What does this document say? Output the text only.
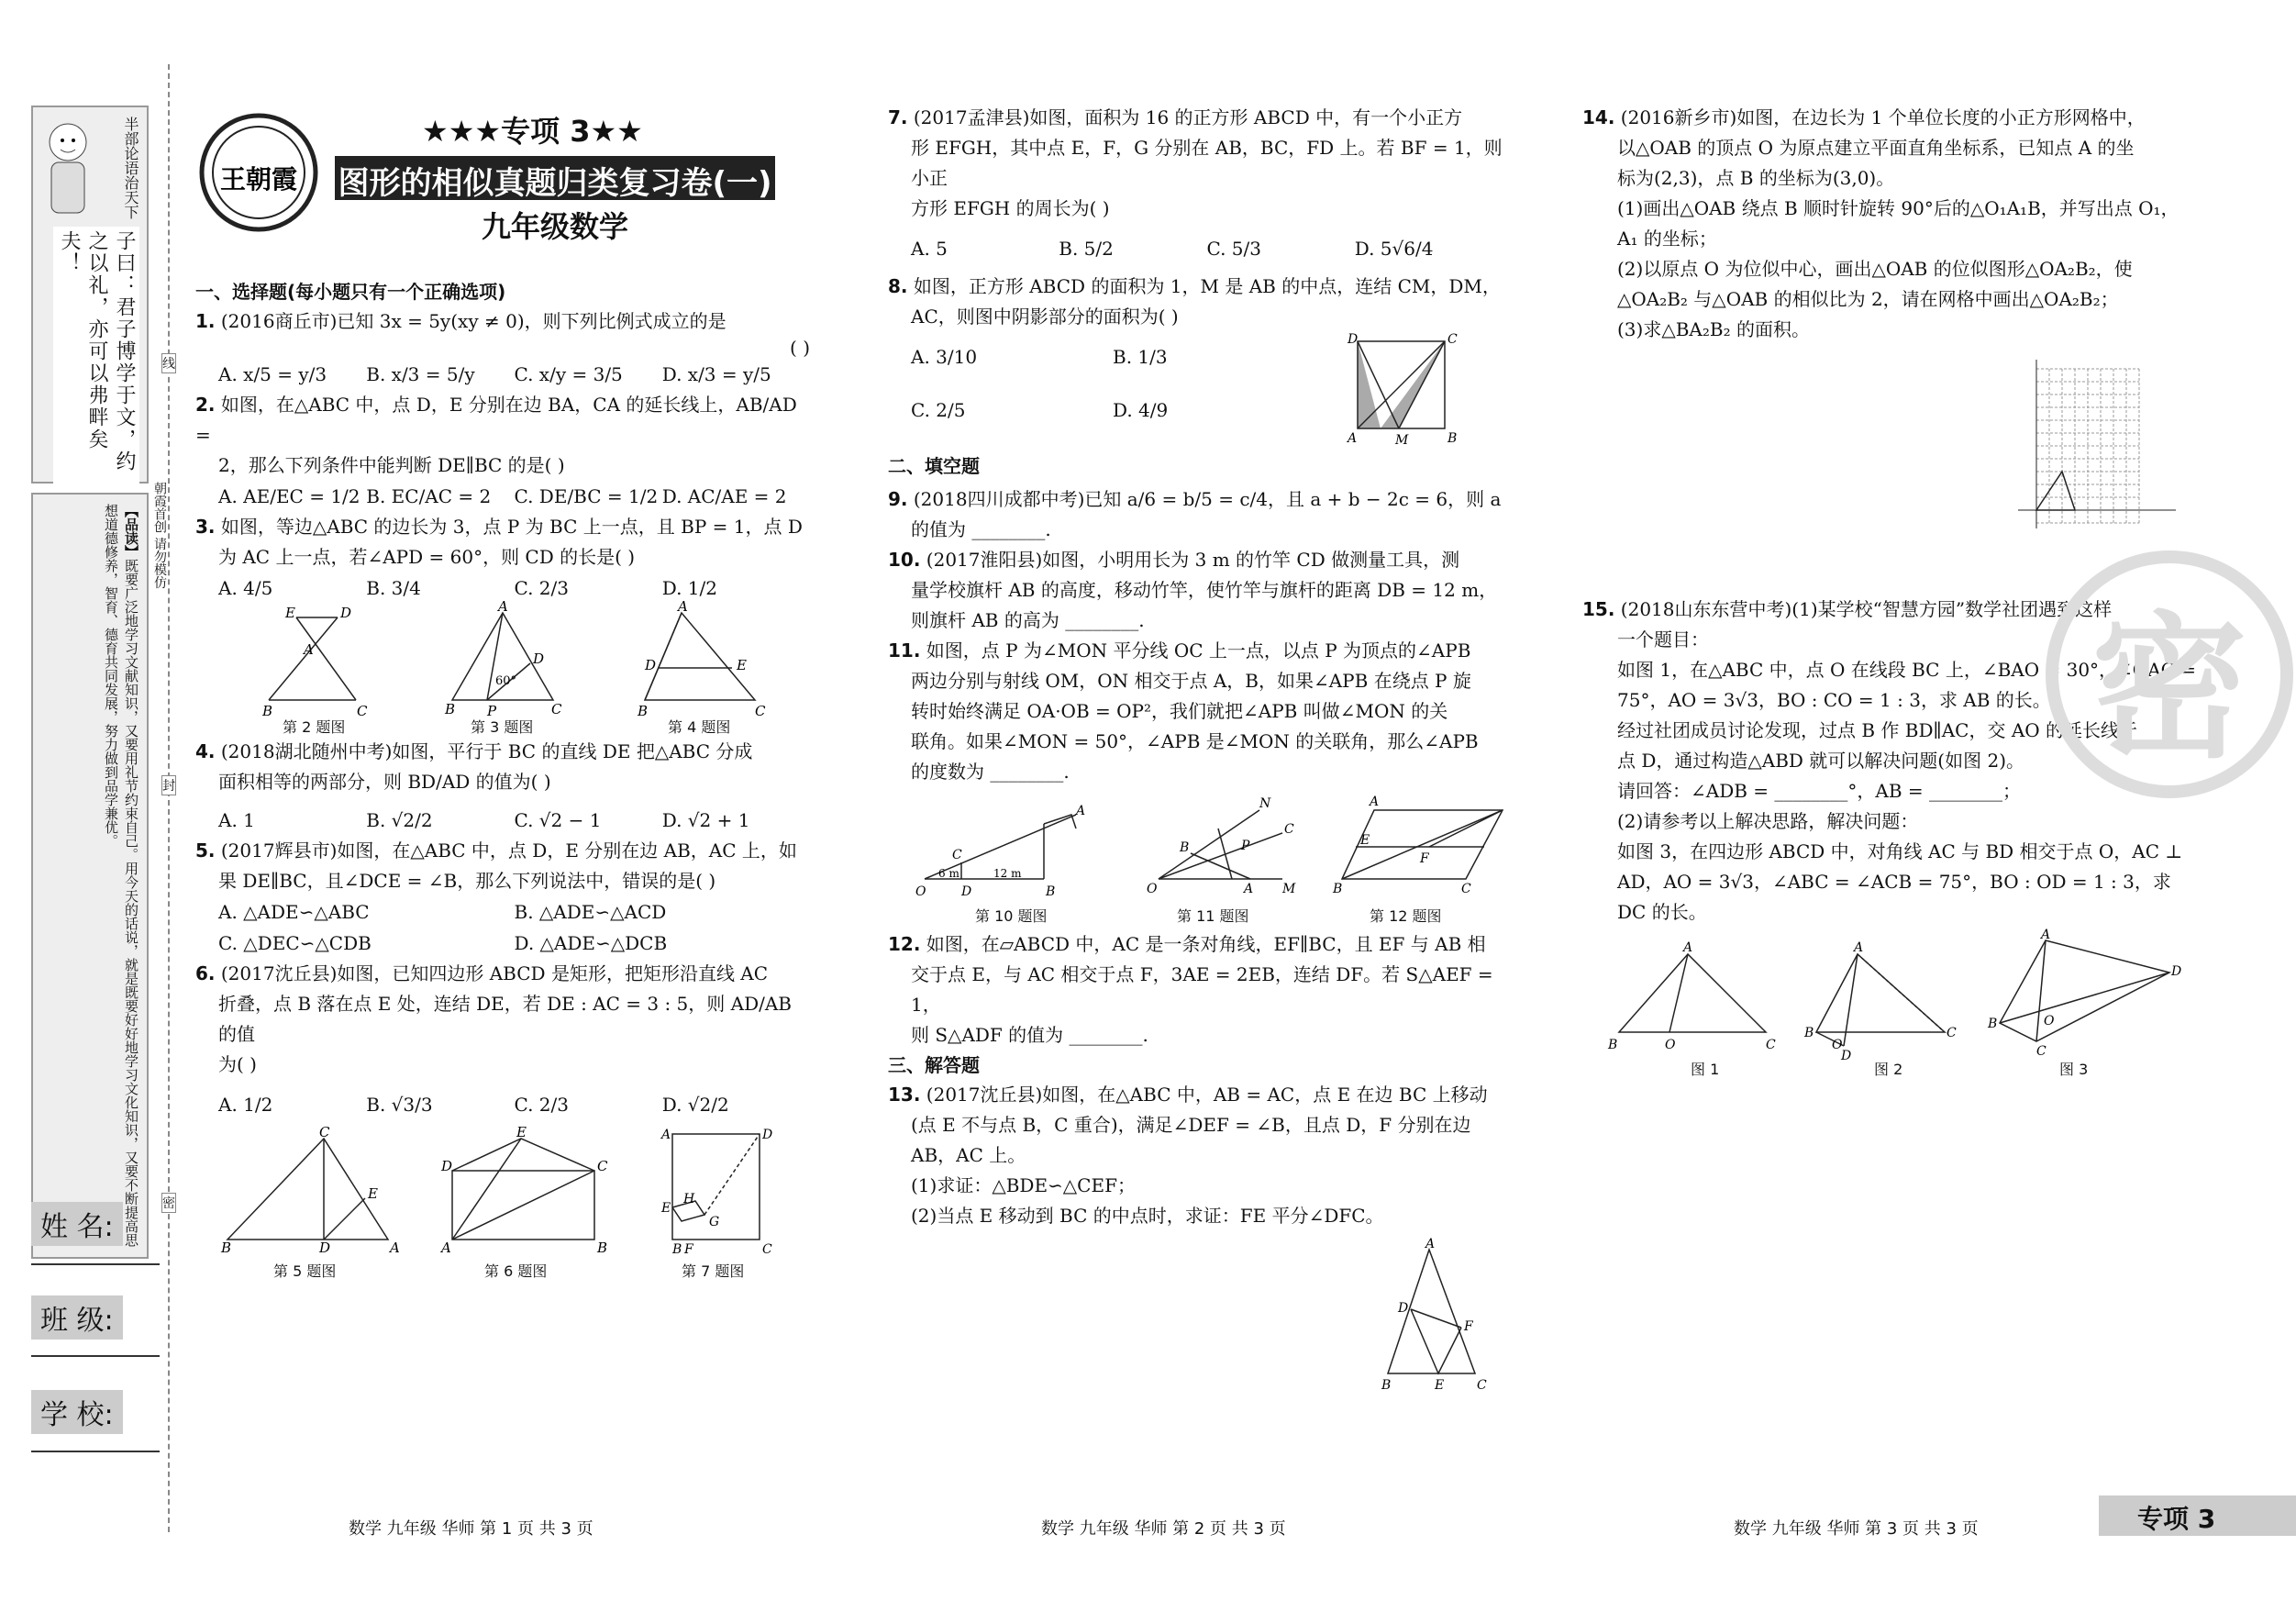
半部论语治天下
子曰：君子博学于文，约之以礼，亦可以弗畔矣夫！
【品读】既要广泛地学习文献知识，又要用礼节约束自己。用今天的话说，就是既要好好地学习文化知识，又要不断提高思想道德修养，智育、德育共同发展，努力做到品学兼优。	朝霞首创 请勿模仿
姓 名:
班 级:
学 校:
线
封
密
王朝霞
★★★专项 3★★
图形的相似真题归类复习卷(一)
九年级数学
一、选择题(每小题只有一个正确选项)

1. (2016商丘市)已知 3x = 5y(xy ≠ 0)，则下列比例式成立的是

( )
A. x/5 = y/3	B. x/3 = 5/y	C. x/y = 3/5	D. x/3 = y/5

2. 如图，在△ABC 中，点 D，E 分别在边 BA，CA 的延长线上，AB/AD =

2，那么下列条件中能判断 DE∥BC 的是( )

A. AE/EC = 1/2 B. EC/AC = 2	C. DE/BC = 1/2 D. AC/AE = 2

3. 如图，等边△ABC 的边长为 3，点 P 为 BC 上一点，且 BP = 1，点 D

为 AC 上一点，若∠APD = 60°，则 CD 的长是( )

A. 4/5	B. 3/4	C. 2/3	D. 1/2
E	D
A
B	C
A
B P	C
D
60°
A
D	E
B	C
第 2 题图	第 3 题图	第 4 题图

4. (2018湖北随州中考)如图，平行于 BC 的直线 DE 把△ABC 分成

面积相等的两部分，则 BD/AD 的值为( )

A. 1	B. √2/2	C. √2 − 1	D. √2 + 1

5. (2017辉县市)如图，在△ABC 中，点 D，E 分别在边 AB，AC 上，如

果 DE∥BC，且∠DCE = ∠B，那么下列说法中，错误的是( )

A. △ADE∽△ABC	B. △ADE∽△ACD
C. △DEC∽△CDB	D. △ADE∽△DCB

6. (2017沈丘县)如图，已知四边形 ABCD 是矩形，把矩形沿直线 AC

折叠，点 B 落在点 E 处，连结 DE，若 DE : AC = 3 : 5，则 AD/AB 的值

为( )

A. 1/2	B. √3/3	C. 2/3	D. √2/2
C
B	D	A
E
E
D	C
A	B
A	D
E
H
G
B F	C
第 5 题图	第 6 题图	第 7 题图

7. (2017孟津县)如图，面积为 16 的正方形 ABCD 中，有一个小正方

形 EFGH，其中点 E，F，G 分别在 AB，BC，FD 上。若 BF = 1，则小正

方形 EFGH 的周长为( )

A. 5	B. 5/2	C. 5/3	D. 5√6/4

8. 如图，正方形 ABCD 的面积为 1，M 是 AB 的中点，连结 CM，DM，

AC，则图中阴影部分的面积为( )

A. 3/10	B. 1/3
C. 2/5	D. 4/9
D	C
A	M	B
二、填空题

9. (2018四川成都中考)已知 a/6 = b/5 = c/4，且 a + b − 2c = 6，则 a

的值为 ________.

10. (2017淮阳县)如图，小明用长为 3 m 的竹竿 CD 做测量工具，测

量学校旗杆 AB 的高度，移动竹竿，使竹竿与旗杆的距离 DB = 12 m，

则旗杆 AB 的高为 ________.

11. 如图，点 P 为∠MON 平分线 OC 上一点，以点 P 为顶点的∠APB

两边分别与射线 OM，ON 相交于点 A，B，如果∠APB 在绕点 P 旋

转时始终满足 OA·OB = OP²，我们就把∠APB 叫做∠MON 的关

联角。如果∠MON = 50°，∠APB 是∠MON 的关联角，那么∠APB

的度数为 ________.

O
C
D	B
A
6 m	12 m
O
B
N
P
C
A M
A
E
F
B	C
第 10 题图	第 11 题图	第 12 题图

12. 如图，在▱ABCD 中，AC 是一条对角线，EF∥BC，且 EF 与 AB 相

交于点 E，与 AC 相交于点 F，3AE = 2EB，连结 DF。若 S△AEF = 1，

则 S△ADF 的值为 ________.

三、解答题

13. (2017沈丘县)如图，在△ABC 中，AB = AC，点 E 在边 BC 上移动

(点 E 不与点 B，C 重合)，满足∠DEF = ∠B，且点 D，F 分别在边

AB，AC 上。

(1)求证：△BDE∽△CEF；

(2)当点 E 移动到 BC 的中点时，求证：FE 平分∠DFC。

A
D
F
B	E	C

14. (2016新乡市)如图，在边长为 1 个单位长度的小正方形网格中，

以△OAB 的顶点 O 为原点建立平面直角坐标系，已知点 A 的坐

标为(2,3)，点 B 的坐标为(3,0)。

(1)画出△OAB 绕点 B 顺时针旋转 90°后的△O₁A₁B，并写出点 O₁，

A₁ 的坐标；

(2)以原点 O 为位似中心，画出△OAB 的位似图形△OA₂B₂，使

△OA₂B₂ 与△OAB 的相似比为 2，请在网格中画出△OA₂B₂；

(3)求△BA₂B₂ 的面积。

15. (2018山东东营中考)(1)某学校“智慧方园”数学社团遇到这样

一个题目：

如图 1，在△ABC 中，点 O 在线段 BC 上，∠BAO = 30°，∠OAC =

75°，AO = 3√3，BO : CO = 1 : 3，求 AB 的长。

经过社团成员讨论发现，过点 B 作 BD∥AC，交 AO 的延长线于

点 D，通过构造△ABD 就可以解决问题(如图 2)。

请回答：∠ADB = ________°，AB = ________；

(2)请参考以上解决思路，解决问题：

如图 3，在四边形 ABCD 中，对角线 AC 与 BD 相交于点 O，AC ⊥

AD，AO = 3√3，∠ABC = ∠ACB = 75°，BO : OD = 1 : 3，求

DC 的长。

A
B	O	C
A
B
O
D
C
A
D
B	O
C
图 1	图 2	图 3
密
数学 九年级 华师 第 1 页 共 3 页	数学 九年级 华师 第 2 页 共 3 页	数学 九年级 华师 第 3 页 共 3 页	专项 3
